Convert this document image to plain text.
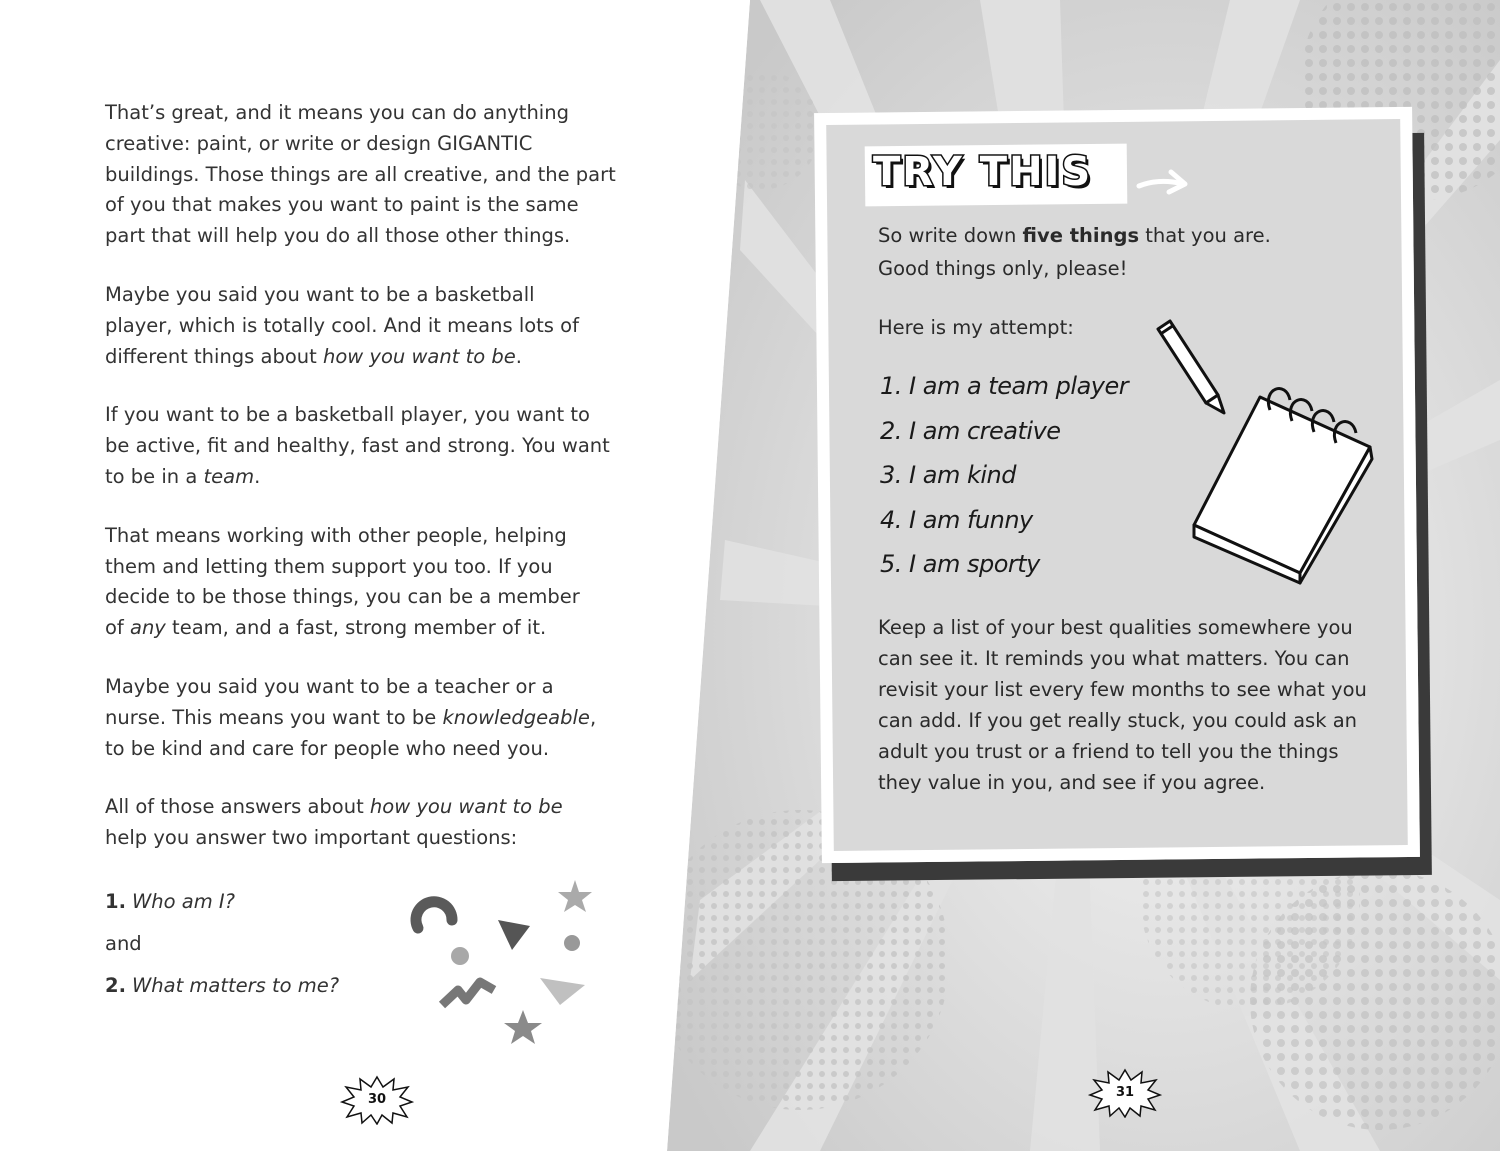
That’s great, and it means you can do anything
creative: paint, or write or design GIGANTIC
buildings. Those things are all creative, and the part
of you that makes you want to paint is the same
part that will help you do all those other things.

Maybe you said you want to be a basketball
player, which is totally cool. And it means lots of
different things about how you want to be.

If you want to be a basketball player, you want to
be active, fit and healthy, fast and strong. You want
to be in a team.

That means working with other people, helping
them and letting them support you too. If you
decide to be those things, you can be a member
of any team, and a fast, strong member of it.

Maybe you said you want to be a teacher or a
nurse. This means you want to be knowledgeable,
to be kind and care for people who need you.

All of those answers about how you want to be
help you answer two important questions:

1. Who am I?
and
2. What matters to me?
30
TRY THIS
So write down five things that you are.
Good things only, please!
Here is my attempt:
1. I am a team player
2. I am creative
3. I am kind
4. I am funny
5. I am sporty
Keep a list of your best qualities somewhere you
can see it. It reminds you what matters. You can
revisit your list every few months to see what you
can add. If you get really stuck, you could ask an
adult you trust or a friend to tell you the things
they value in you, and see if you agree.
31
